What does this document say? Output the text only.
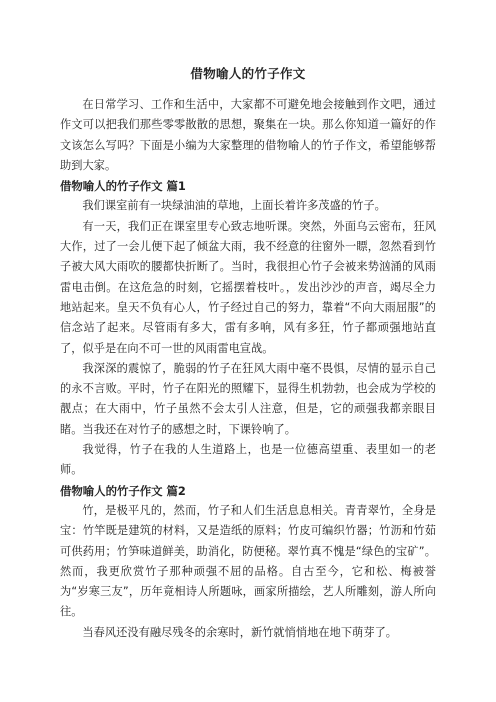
借物喻人的竹子作文

在日常学习、工作和生活中，大家都不可避免地会接触到作文吧，通过作文可以把我们那些零零散散的思想，聚集在一块。那么你知道一篇好的作文该怎么写吗？下面是小编为大家整理的借物喻人的竹子作文，希望能够帮助到大家。

借物喻人的竹子作文 篇1

我们课室前有一块绿油油的草地，上面长着许多茂盛的竹子。

有一天，我们正在课室里专心致志地听课。突然，外面乌云密布，狂风大作，过了一会儿便下起了倾盆大雨，我不经意的往窗外一瞟，忽然看到竹子被大风大雨吹的腰都快折断了。当时，我很担心竹子会被来势汹涌的风雨雷电击倒。在这危急的时刻，它摇摆着枝叶。，发出沙沙的声音，竭尽全力地站起来。皇天不负有心人，竹子经过自己的努力，靠着“不向大雨屈服”的信念站了起来。尽管雨有多大，雷有多响，风有多狂，竹子都顽强地站直了，似乎是在向不可一世的风雨雷电宣战。

我深深的震惊了，脆弱的竹子在狂风大雨中毫不畏惧，尽情的显示自己的永不言败。平时，竹子在阳光的照耀下，显得生机勃勃，也会成为学校的靓点；在大雨中，竹子虽然不会太引人注意，但是，它的顽强我都亲眼目睹。当我还在对竹子的感想之时，下课铃响了。

我觉得，竹子在我的人生道路上，也是一位德高望重、表里如一的老师。

借物喻人的竹子作文 篇2

竹，是极平凡的，然而，竹子和人们生活息息相关。青青翠竹，全身是宝：竹竿既是建筑的材料，又是造纸的原料；竹皮可编织竹器；竹沥和竹茹可供药用；竹笋味道鲜美，助消化，防便秘。翠竹真不愧是“绿色的宝矿”。然而，我更欣赏竹子那种顽强不屈的品格。自古至今，它和松、梅被誉为“岁寒三友”，历年竟相诗人所题咏，画家所描绘，艺人所雕刻，游人所向往。

当春风还没有融尽残冬的余寒时，新竹就悄悄地在地下萌芽了。
